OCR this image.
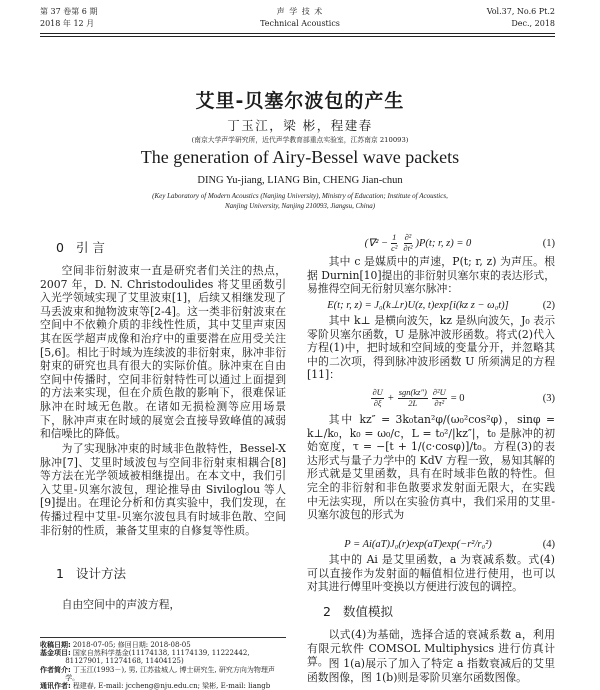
第 37 卷第 6 期
2018 年 12 月
声 学 技 术
Technical Acoustics
Vol.37, No.6 Pt.2
Dec., 2018
艾里-贝塞尔波包的产生
丁玉江，梁 彬，程建春
(南京大学声学研究所，近代声学教育部重点实验室，江苏南京 210093)
The generation of Airy-Bessel wave packets
DING Yu-jiang, LIANG Bin, CHENG Jian-chun
(Key Laboratory of Modern Acoustics (Nanjing University), Ministry of Education; Institute of Acoustics,
Nanjing University, Nanjing 210093, Jiangsu, China)
0 引 言
空间非衍射波束一直是研究者们关注的热点，2007 年，D. N. Christodoulides 将艾里函数引入光学领域实现了艾里波束[1]，后续又相继发现了马丢波束和抛物波束等[2-4]。这一类非衍射波束在空间中不依赖介质的非线性性质，其中艾里声束因其在医学超声成像和治疗中的重要潜在应用受关注[5,6]。相比于时域为连续波的非衍射束，脉冲非衍射束的研究也具有很大的实际价值。脉冲束在自由空间中传播时，空间非衍射特性可以通过上面提到的方法来实现，但在介质色散的影响下，很难保证脉冲在时域无色散。在诸如无损检测等应用场景下，脉冲声束在时域的展宽会直接导致峰值的减弱和信噪比的降低。
为了实现脉冲束的时域非色散特性，Bessel-X 脉冲[7]、艾里时域波包与空间非衍射束相耦合[8]等方法在光学领域被相继提出。在本文中，我们引入艾里-贝塞尔波包，理论推导由 Siviloglou 等人[9]提出。在理论分析和仿真实验中，我们发现，在传播过程中艾里-贝塞尔波包具有时域非色散、空间非衍射的性质，兼备艾里束的自修复等性质。
1 设计方法
自由空间中的声波方程，
收稿日期: 2018-07-05; 修回日期: 2018-08-05
基金项目: 国家自然科学基金(11174138, 11174139, 11222442, 81127901, 11274168, 11404125)
作者简介: 丁玉江(1993－), 男, 江苏盐城人, 博士研究生, 研究方向为物理声学。
通讯作者: 程建春, E-mail: jccheng@nju.edu.cn; 梁彬, E-mail: liangb
$(\nabla^2 - \frac{1}{\text{c²}} \frac{\text{∂²}}{\text{∂t²}} )P(t$; r, z) = 0	(1)
其中 c 是媒质中的声速，P(t; r, z) 为声压。根据 Durnin[10]提出的非衍射贝塞尔束的表达形式，易推得空间无衍射贝塞尔脉冲：
E(t; r, z) = J₀(k⊥r)U(z, t)exp[i(kz z − ω₀t)]	(2)
其中 k⊥ 是横向波矢，kz 是纵向波矢，J₀ 表示零阶贝塞尔函数，U 是脉冲波形函数。将式(2)代入方程(1)中，把时域和空间域的变量分开，并忽略其中的二次项，得到脉冲波形函数 U 所须满足的方程[11]：
$\frac{\partial U}{\partial\xi} + \frac{\text{sgn(kz″)}}{2L} \frac{\text{∂²U}}{\text{∂τ²}} = 0$	(3)
其中 kz″ = 3k₀tan²φ/(ω₀²cos²φ)，sinφ = k⊥/k₀，k₀ = ω₀/c，L = t₀²/|kz″|，t₀ 是脉冲的初始宽度，τ = −[t + 1/(c·cosφ)]/t₀。方程(3)的表达形式与量子力学中的 KdV 方程一致，易知其解的形式就是艾里函数，具有在时域非色散的特性。但完全的非衍射和非色散要求发射面无限大，在实践中无法实现，所以在实验仿真中，我们采用的艾里-贝塞尔波包的形式为
P = Ai(aT)J₀(r)exp(aT)exp(−r²/r₀²)	(4)
其中的 Ai 是艾里函数，a 为衰减系数。式(4)可以直接作为发射面的幅值相位进行使用，也可以对其进行傅里叶变换以方便进行波包的调控。
2 数值模拟
以式(4)为基础，选择合适的衰减系数 a，利用有限元软件 COMSOL Multiphysics 进行仿真计算。 图 1(a)展示了加入了特定 a 指数衰减后的艾里函数图像，图 1(b)则是零阶贝塞尔函数图像。
